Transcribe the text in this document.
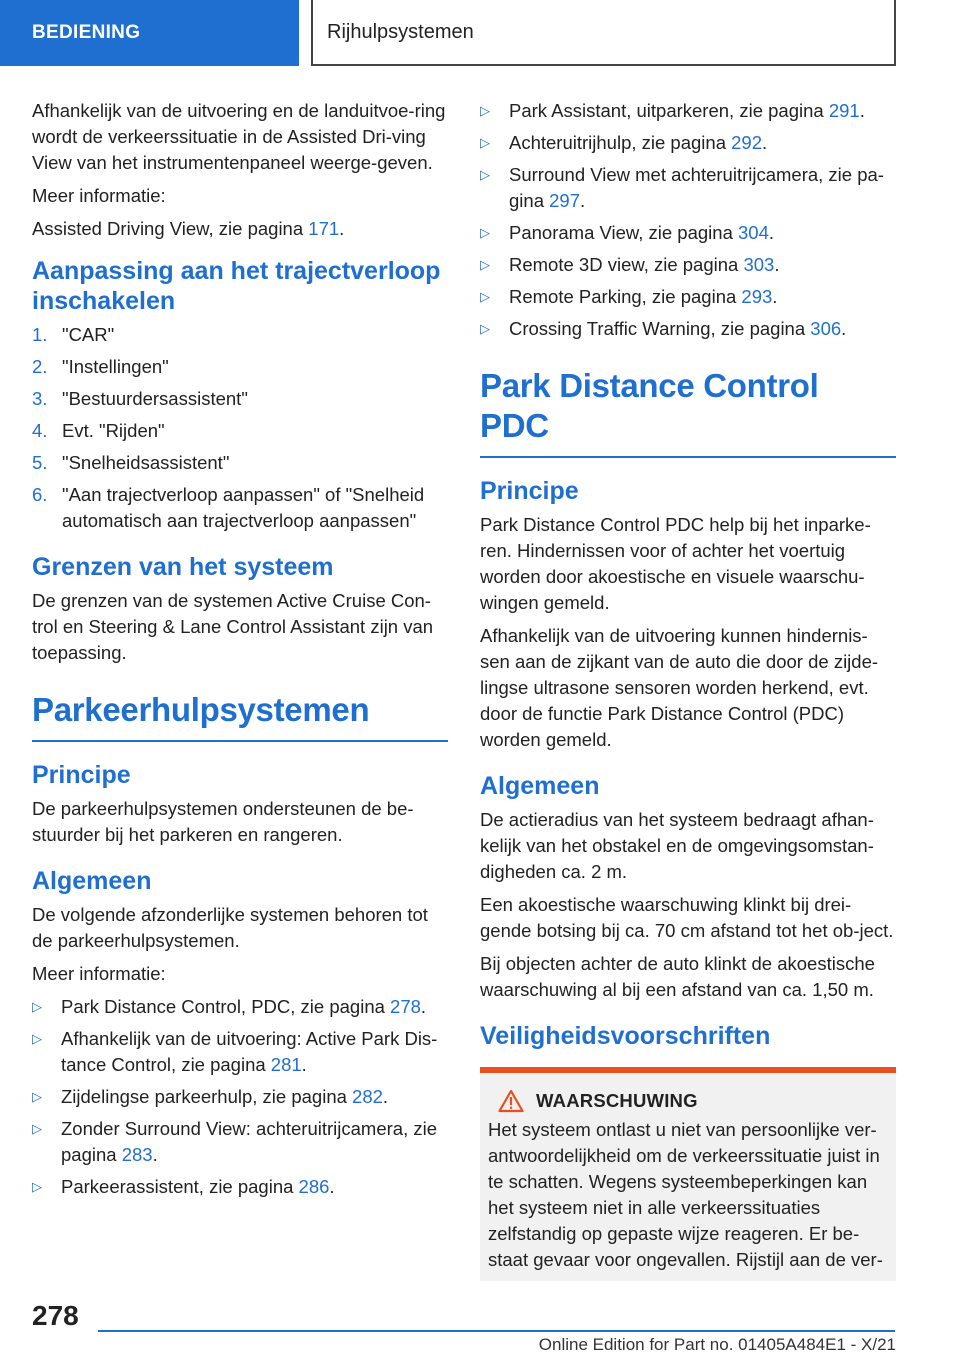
BEDIENING	Rijhulpsystemen

Afhankelijk van de uitvoering en de landuitvoe-ring wordt de verkeerssituatie in de Assisted Dri-ving View van het instrumentenpaneel weerge-geven.

Meer informatie:

Assisted Driving View, zie pagina 171.

Aanpassing aan het trajectverloop inschakelen
1. "CAR"
2. "Instellingen"
3. "Bestuurdersassistent"
4. Evt. "Rijden"
5. "Snelheidsassistent"
6. "Aan trajectverloop aanpassen" of "Snelheid automatisch aan trajectverloop aanpassen"
Grenzen van het systeem

De grenzen van de systemen Active Cruise Con-trol en Steering & Lane Control Assistant zijn van toepassing.

Parkeerhulpsystemen
Principe

De parkeerhulpsystemen ondersteunen de be-stuurder bij het parkeren en rangeren.

Algemeen

De volgende afzonderlijke systemen behoren tot de parkeerhulpsystemen.

Meer informatie:

▷	Park Distance Control, PDC, zie pagina 278.
▷	Afhankelijk van de uitvoering: Active Park Dis-tance Control, zie pagina 281.
▷	Zijdelingse parkeerhulp, zie pagina 282.
▷	Zonder Surround View: achteruitrijcamera, zie pagina 283.
▷	Parkeerassistent, zie pagina 286.
▷	Park Assistant, uitparkeren, zie pagina 291.
▷	Achteruitrijhulp, zie pagina 292.
▷	Surround View met achteruitrijcamera, zie pa-gina 297.
▷	Panorama View, zie pagina 304.
▷	Remote 3D view, zie pagina 303.
▷	Remote Parking, zie pagina 293.
▷	Crossing Traffic Warning, zie pagina 306.
Park Distance Control PDC
Principe

Park Distance Control PDC help bij het inparke-ren. Hindernissen voor of achter het voertuig worden door akoestische en visuele waarschu-wingen gemeld.

Afhankelijk van de uitvoering kunnen hindernis-sen aan de zijkant van de auto die door de zijde-lingse ultrasone sensoren worden herkend, evt. door de functie Park Distance Control (PDC) worden gemeld.

Algemeen

De actieradius van het systeem bedraagt afhan-kelijk van het obstakel en de omgevingsomstan-digheden ca. 2 m.

Een akoestische waarschuwing klinkt bij drei-gende botsing bij ca. 70 cm afstand tot het ob-ject.

Bij objecten achter de auto klinkt de akoestische waarschuwing al bij een afstand van ca. 1,50 m.

Veiligheidsvoorschriften
WAARSCHUWING

Het systeem ontlast u niet van persoonlijke ver-antwoordelijkheid om de verkeerssituatie juist in te schatten. Wegens systeembeperkingen kan het systeem niet in alle verkeerssituaties zelfstandig op gepaste wijze reageren. Er be-staat gevaar voor ongevallen. Rijstijl aan de ver-

278
Online Edition for Part no. 01405A484E1 - X/21
